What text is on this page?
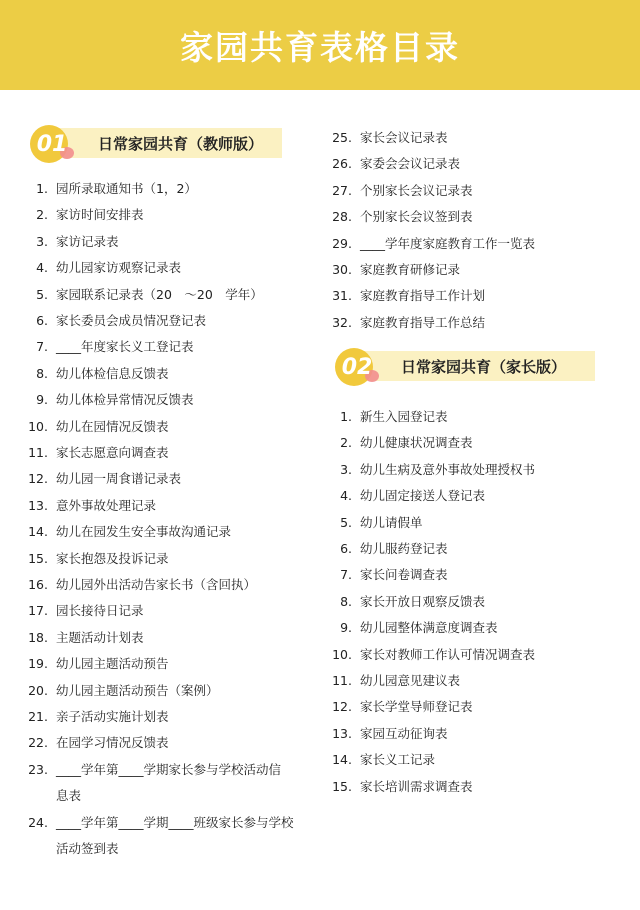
家园共育表格目录
日常家园共育（教师版）
01
日常家园共育（家长版）
02
1. 园所录取通知书（1，2）
2. 家访时间安排表
3. 家访记录表
4. 幼儿园家访观察记录表
5. 家园联系记录表（20　～20　学年）
6. 家长委员会成员情况登记表
7. ____年度家长义工登记表
8. 幼儿体检信息反馈表
9. 幼儿体检异常情况反馈表
10. 幼儿在园情况反馈表
11. 家长志愿意向调查表
12. 幼儿园一周食谱记录表
13. 意外事故处理记录
14. 幼儿在园发生安全事故沟通记录
15. 家长抱怨及投诉记录
16. 幼儿园外出活动告家长书（含回执）
17. 园长接待日记录
18. 主题活动计划表
19. 幼儿园主题活动预告
20. 幼儿园主题活动预告（案例）
21. 亲子活动实施计划表
22. 在园学习情况反馈表
23. ____学年第____学期家长参与学校活动信
息表
24. ____学年第____学期____班级家长参与学校
活动签到表
25. 家长会议记录表
26. 家委会会议记录表
27. 个别家长会议记录表
28. 个别家长会议签到表
29. ____学年度家庭教育工作一览表
30. 家庭教育研修记录
31. 家庭教育指导工作计划
32. 家庭教育指导工作总结
1. 新生入园登记表
2. 幼儿健康状况调查表
3. 幼儿生病及意外事故处理授权书
4. 幼儿固定接送人登记表
5. 幼儿请假单
6. 幼儿服药登记表
7. 家长问卷调查表
8. 家长开放日观察反馈表
9. 幼儿园整体满意度调查表
10. 家长对教师工作认可情况调查表
11. 幼儿园意见建议表
12. 家长学堂导师登记表
13. 家园互动征询表
14. 家长义工记录
15. 家长培训需求调查表
